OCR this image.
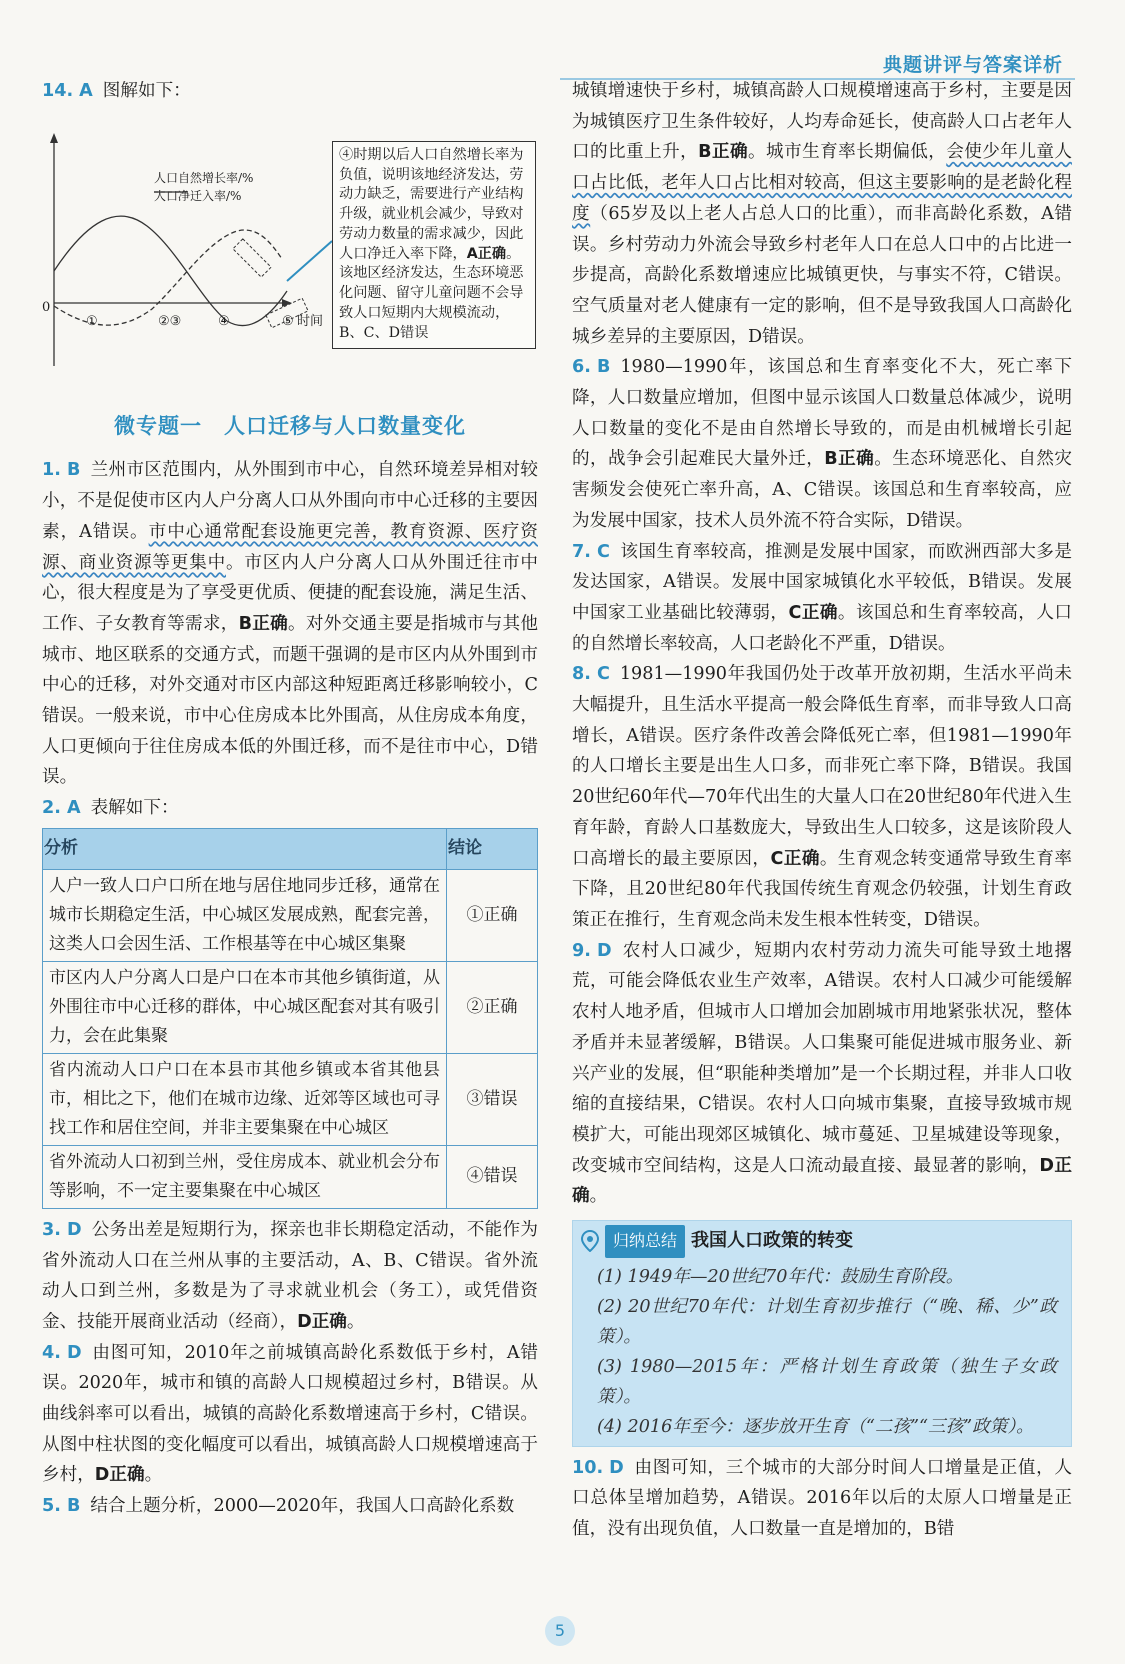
典题讲评与答案详析

14. A 图解如下：

人口自然增长率/%
人口净迁入率/%
0
①	②③	④	⑤ 时间
④时期以后人口自然增长率为负值，说明该地经济发达，劳动力缺乏，需要进行产业结构升级，就业机会减少，导致对劳动力数量的需求减少，因此人口净迁入率下降，A正确。该地区经济发达，生态环境恶化问题、留守儿童问题不会导致人口短期内大规模流动，B、C、D错误
微专题一　人口迁移与人口数量变化

1. B 兰州市区范围内，从外围到市中心，自然环境差异相对较小，不是促使市区内人户分离人口从外围向市中心迁移的主要因素，A错误。市中心通常配套设施更完善，教育资源、医疗资源、商业资源等更集中。市区内人户分离人口从外围迁往市中心，很大程度是为了享受更优质、便捷的配套设施，满足生活、工作、子女教育等需求，B正确。对外交通主要是指城市与其他城市、地区联系的交通方式，而题干强调的是市区内从外围到市中心的迁移，对外交通对市区内部这种短距离迁移影响较小，C错误。一般来说，市中心住房成本比外围高，从住房成本角度，人口更倾向于往住房成本低的外围迁移，而不是往市中心，D错误。

2. A 表解如下：

分析	结论
人户一致人口户口所在地与居住地同步迁移，通常在城市长期稳定生活，中心城区发展成熟，配套完善，这类人口会因生活、工作根基等在中心城区集聚	①正确
市区内人户分离人口是户口在本市其他乡镇街道，从外围往市中心迁移的群体，中心城区配套对其有吸引力，会在此集聚	②正确
省内流动人口户口在本县市其他乡镇或本省其他县市，相比之下，他们在城市边缘、近郊等区域也可寻找工作和居住空间，并非主要集聚在中心城区	③错误
省外流动人口初到兰州，受住房成本、就业机会分布等影响，不一定主要集聚在中心城区	④错误

3. D 公务出差是短期行为，探亲也非长期稳定活动，不能作为省外流动人口在兰州从事的主要活动，A、B、C错误。省外流动人口到兰州，多数是为了寻求就业机会（务工），或凭借资金、技能开展商业活动（经商），D正确。

4. D 由图可知，2010年之前城镇高龄化系数低于乡村，A错误。2020年，城市和镇的高龄人口规模超过乡村，B错误。从曲线斜率可以看出，城镇的高龄化系数增速高于乡村，C错误。从图中柱状图的变化幅度可以看出，城镇高龄人口规模增速高于乡村，D正确。

5. B 结合上题分析，2000—2020年，我国人口高龄化系数

城镇增速快于乡村，城镇高龄人口规模增速高于乡村，主要是因为城镇医疗卫生条件较好，人均寿命延长，使高龄人口占老年人口的比重上升，B正确。城市生育率长期偏低，会使少年儿童人口占比低，老年人口占比相对较高，但这主要影响的是老龄化程度（65岁及以上老人占总人口的比重），而非高龄化系数，A错误。乡村劳动力外流会导致乡村老年人口在总人口中的占比进一步提高，高龄化系数增速应比城镇更快，与事实不符，C错误。空气质量对老人健康有一定的影响，但不是导致我国人口高龄化城乡差异的主要原因，D错误。

6. B 1980—1990年，该国总和生育率变化不大，死亡率下降，人口数量应增加，但图中显示该国人口数量总体减少，说明人口数量的变化不是由自然增长导致的，而是由机械增长引起的，战争会引起难民大量外迁，B正确。生态环境恶化、自然灾害频发会使死亡率升高，A、C错误。该国总和生育率较高，应为发展中国家，技术人员外流不符合实际，D错误。

7. C 该国生育率较高，推测是发展中国家，而欧洲西部大多是发达国家，A错误。发展中国家城镇化水平较低，B错误。发展中国家工业基础比较薄弱，C正确。该国总和生育率较高，人口的自然增长率较高，人口老龄化不严重，D错误。

8. C 1981—1990年我国仍处于改革开放初期，生活水平尚未大幅提升，且生活水平提高一般会降低生育率，而非导致人口高增长，A错误。医疗条件改善会降低死亡率，但1981—1990年的人口增长主要是出生人口多，而非死亡率下降，B错误。我国20世纪60年代—70年代出生的大量人口在20世纪80年代进入生育年龄，育龄人口基数庞大，导致出生人口较多，这是该阶段人口高增长的最主要原因，C正确。生育观念转变通常导致生育率下降，且20世纪80年代我国传统生育观念仍较强，计划生育政策正在推行，生育观念尚未发生根本性转变，D错误。

9. D 农村人口减少，短期内农村劳动力流失可能导致土地撂荒，可能会降低农业生产效率，A错误。农村人口减少可能缓解农村人地矛盾，但城市人口增加会加剧城市用地紧张状况，整体矛盾并未显著缓解，B错误。人口集聚可能促进城市服务业、新兴产业的发展，但“职能种类增加”是一个长期过程，并非人口收缩的直接结果，C错误。农村人口向城市集聚，直接导致城市规模扩大，可能出现郊区城镇化、城市蔓延、卫星城建设等现象，改变城市空间结构，这是人口流动最直接、最显著的影响，D正确。

归纳总结 我国人口政策的转变
(1) 1949年—20世纪70年代：鼓励生育阶段。
(2) 20世纪70年代：计划生育初步推行（“晚、稀、少”政策）。
(3) 1980—2015年：严格计划生育政策（独生子女政策）。
(4) 2016年至今：逐步放开生育（“二孩”“三孩”政策）。

10. D 由图可知，三个城市的大部分时间人口增量是正值，人口总体呈增加趋势，A错误。2016年以后的太原人口增量是正值，没有出现负值，人口数量一直是增加的，B错

5
